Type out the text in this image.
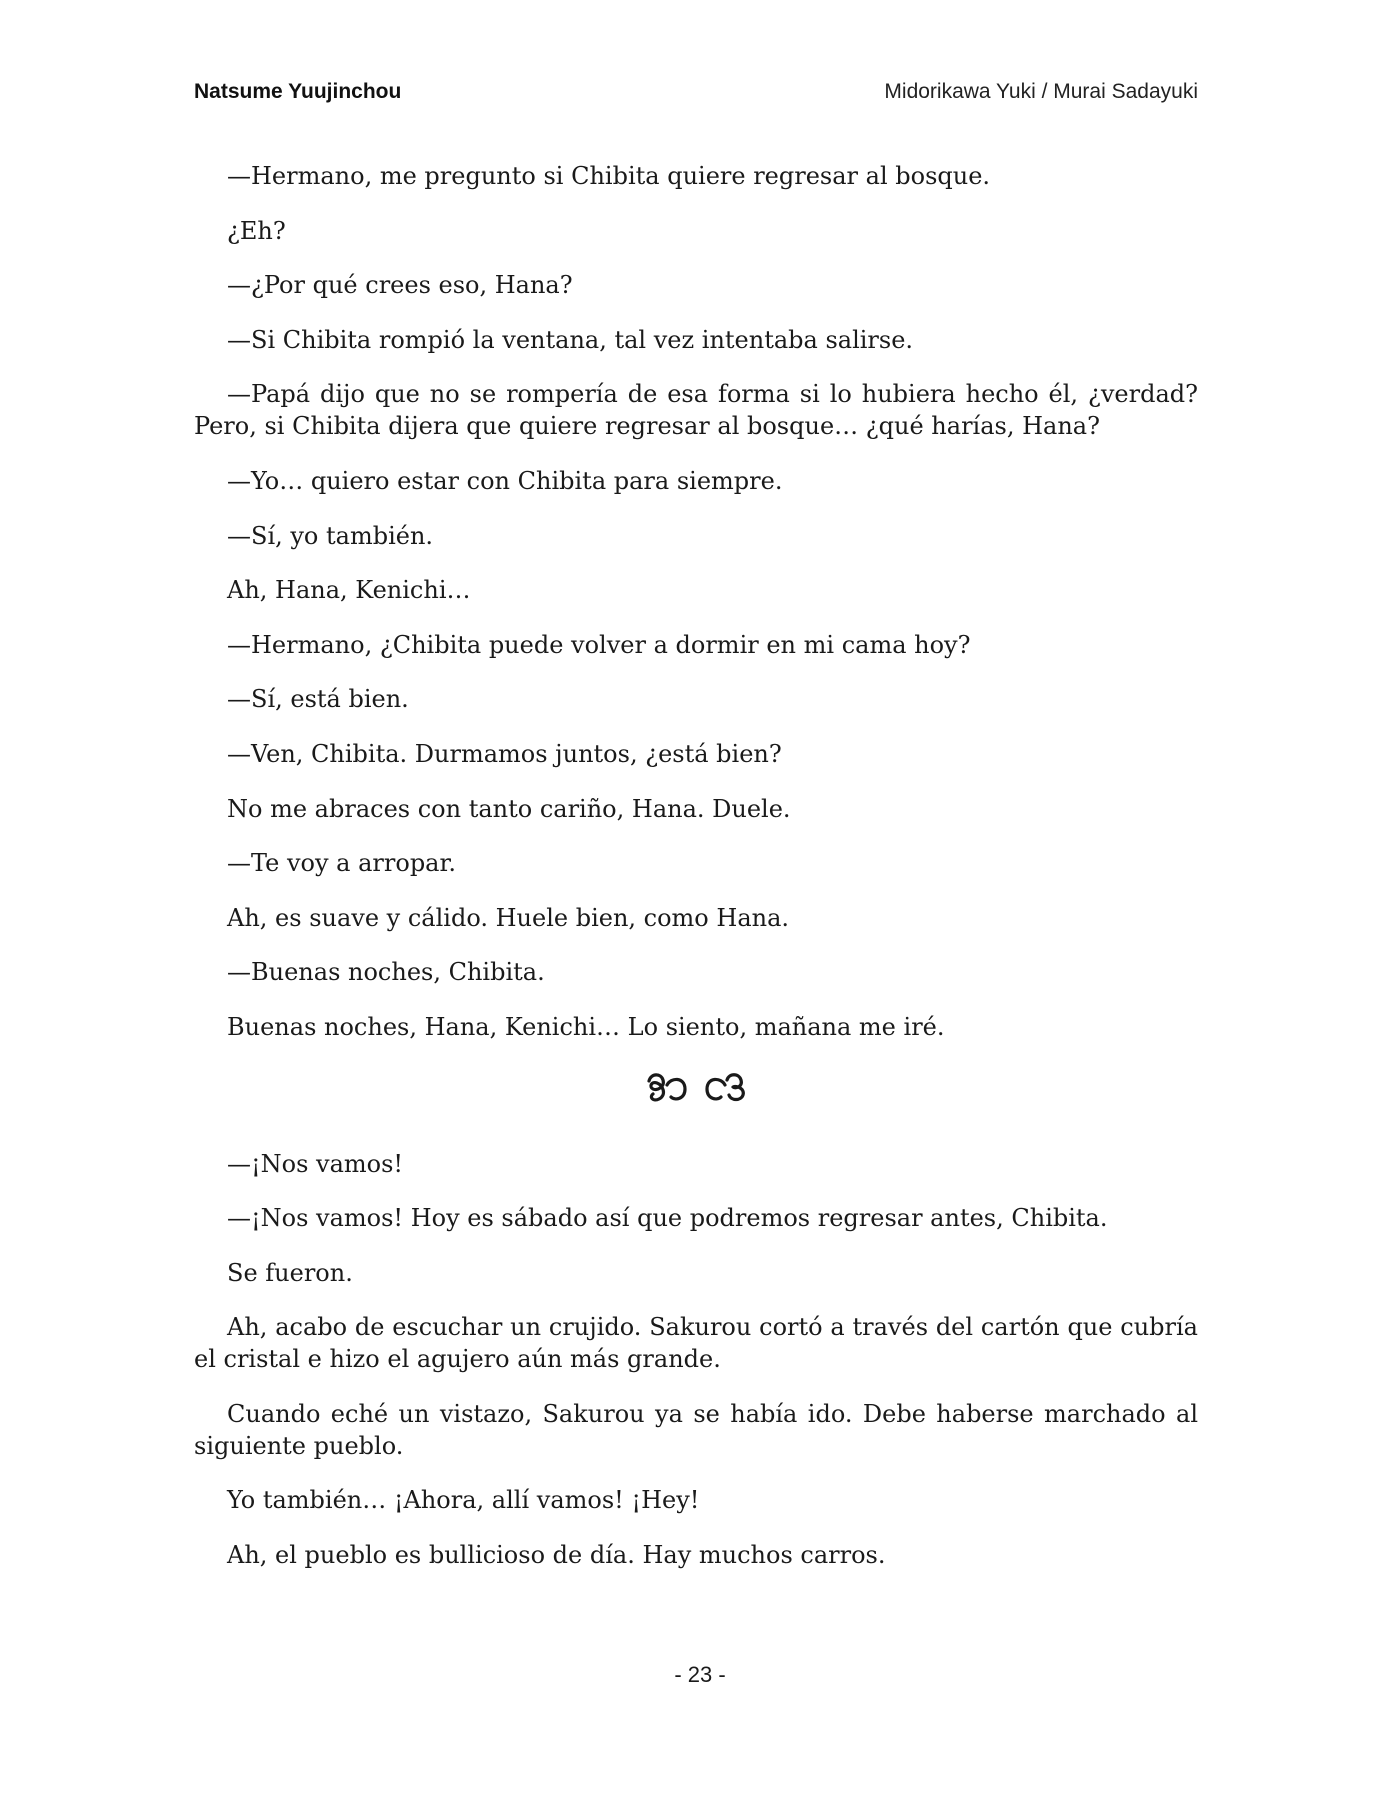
Natsume Yuujinchou	Midorikawa Yuki / Murai Sadayuki

—Hermano, me pregunto si Chibita quiere regresar al bosque.

¿Eh?

—¿Por qué crees eso, Hana?

—Si Chibita rompió la ventana, tal vez intentaba salirse.

—Papá dijo que no se rompería de esa forma si lo hubiera hecho él, ¿verdad? Pero, si Chibita dijera que quiere regresar al bosque… ¿qué harías, Hana?

—Yo… quiero estar con Chibita para siempre.

—Sí, yo también.

Ah, Hana, Kenichi…

—Hermano, ¿Chibita puede volver a dormir en mi cama hoy?

—Sí, está bien.

—Ven, Chibita. Durmamos juntos, ¿está bien?

No me abraces con tanto cariño, Hana. Duele.

—Te voy a arropar.

Ah, es suave y cálido. Huele bien, como Hana.

—Buenas noches, Chibita.

Buenas noches, Hana, Kenichi… Lo siento, mañana me iré.

—¡Nos vamos!

—¡Nos vamos! Hoy es sábado así que podremos regresar antes, Chibita.

Se fueron.

Ah, acabo de escuchar un crujido. Sakurou cortó a través del cartón que cubría el cristal e hizo el agujero aún más grande.

Cuando eché un vistazo, Sakurou ya se había ido. Debe haberse marchado al siguiente pueblo.

Yo también… ¡Ahora, allí vamos! ¡Hey!

Ah, el pueblo es bullicioso de día. Hay muchos carros.

- 23 -
